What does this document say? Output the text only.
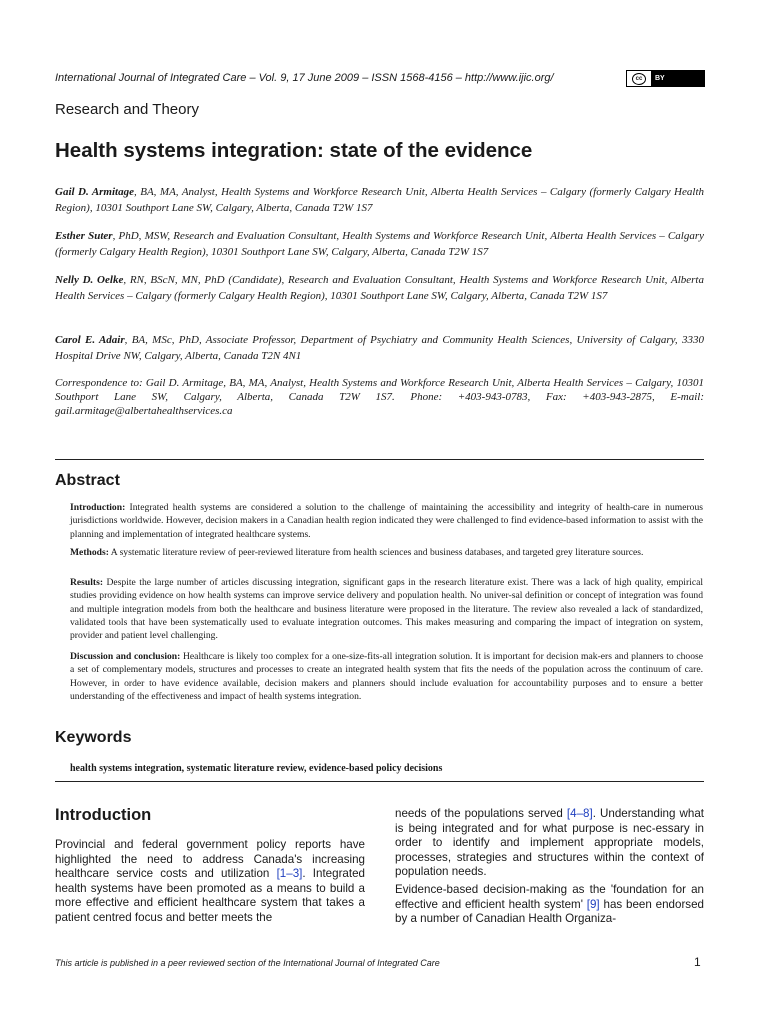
International Journal of Integrated Care – Vol. 9, 17 June 2009 – ISSN 1568-4156 – http://www.ijic.org/	cc	BY
Research and Theory
Health systems integration: state of the evidence
Gail D. Armitage, BA, MA, Analyst, Health Systems and Workforce Research Unit, Alberta Health Services – Calgary (formerly Calgary Health Region), 10301 Southport Lane SW, Calgary, Alberta, Canada T2W 1S7
Esther Suter, PhD, MSW, Research and Evaluation Consultant, Health Systems and Workforce Research Unit, Alberta Health Services – Calgary (formerly Calgary Health Region), 10301 Southport Lane SW, Calgary, Alberta, Canada T2W 1S7
Nelly D. Oelke, RN, BScN, MN, PhD (Candidate), Research and Evaluation Consultant, Health Systems and Workforce Research Unit, Alberta Health Services – Calgary (formerly Calgary Health Region), 10301 Southport Lane SW, Calgary, Alberta, Canada T2W 1S7
Carol E. Adair, BA, MSc, PhD, Associate Professor, Department of Psychiatry and Community Health Sciences, University of Calgary, 3330 Hospital Drive NW, Calgary, Alberta, Canada T2N 4N1
Correspondence to: Gail D. Armitage, BA, MA, Analyst, Health Systems and Workforce Research Unit, Alberta Health Services – Calgary, 10301 Southport Lane SW, Calgary, Alberta, Canada T2W 1S7. Phone: +403-943-0783, Fax: +403-943-2875, E-mail: gail.armitage@albertahealthservices.ca
Abstract
Introduction: Integrated health systems are considered a solution to the challenge of maintaining the accessibility and integrity of health-care in numerous jurisdictions worldwide. However, decision makers in a Canadian health region indicated they were challenged to find evidence-based information to assist with the planning and implementation of integrated healthcare systems.
Methods: A systematic literature review of peer-reviewed literature from health sciences and business databases, and targeted grey literature sources.
Results: Despite the large number of articles discussing integration, significant gaps in the research literature exist. There was a lack of high quality, empirical studies providing evidence on how health systems can improve service delivery and population health. No univer-sal definition or concept of integration was found and multiple integration models from both the healthcare and business literature were proposed in the literature. The review also revealed a lack of standardized, validated tools that have been systematically used to evaluate integration outcomes. This makes measuring and comparing the impact of integration on system, provider and patient level challenging.
Discussion and conclusion: Healthcare is likely too complex for a one-size-fits-all integration solution. It is important for decision mak-ers and planners to choose a set of complementary models, structures and processes to create an integrated health system that fits the needs of the population across the continuum of care. However, in order to have evidence available, decision makers and planners should include evaluation for accountability purposes and to ensure a better understanding of the effectiveness and impact of health systems integration.
Keywords
health systems integration, systematic literature review, evidence-based policy decisions
Introduction

Provincial and federal government policy reports have highlighted the need to address Canada's increasing healthcare service costs and utilization [1–3]. Integrated health systems have been promoted as a means to build a more effective and efficient healthcare system that takes a patient centred focus and better meets the

needs of the populations served [4–8]. Understanding what is being integrated and for what purpose is nec-essary in order to identify and implement appropriate models, processes, strategies and structures within the context of population needs.

Evidence-based decision-making as the 'foundation for an effective and efficient health system' [9] has been endorsed by a number of Canadian Health Organiza-

This article is published in a peer reviewed section of the International Journal of Integrated Care	1
